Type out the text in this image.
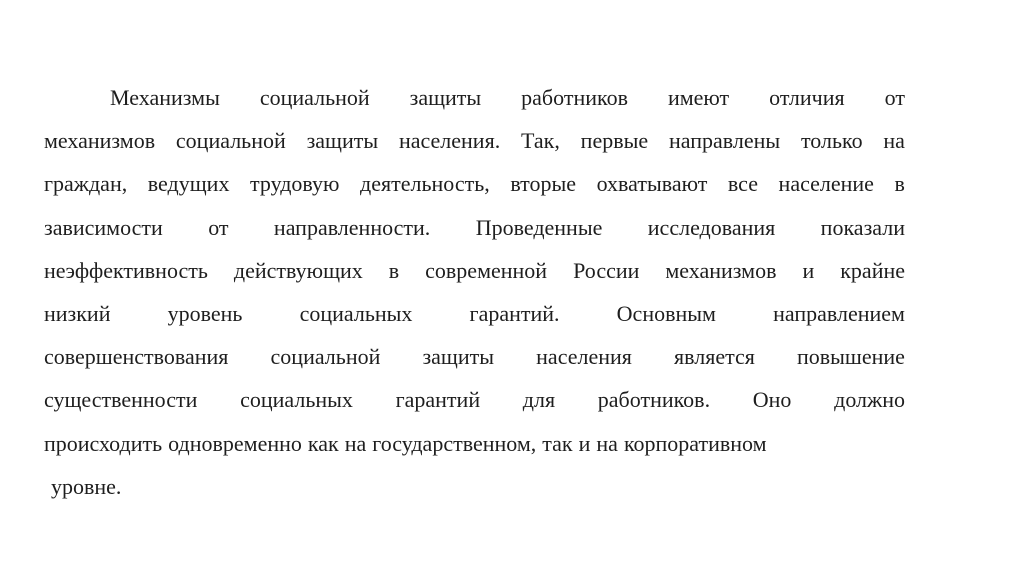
Механизмы социальной защиты работников имеют отличия от
механизмов социальной защиты населения. Так, первые направлены только на
граждан, ведущих трудовую деятельность, вторые охватывают все население в
зависимости от направленности. Проведенные исследования показали
неэффективность действующих в современной России механизмов и крайне
низкий	уровень	социальных	гарантий.	Основным	направлением
совершенствования социальной защиты населения является повышение
существенности социальных гарантий для работников. Оно должно
происходить одновременно как на государственном, так и на корпоративном
уровне.
